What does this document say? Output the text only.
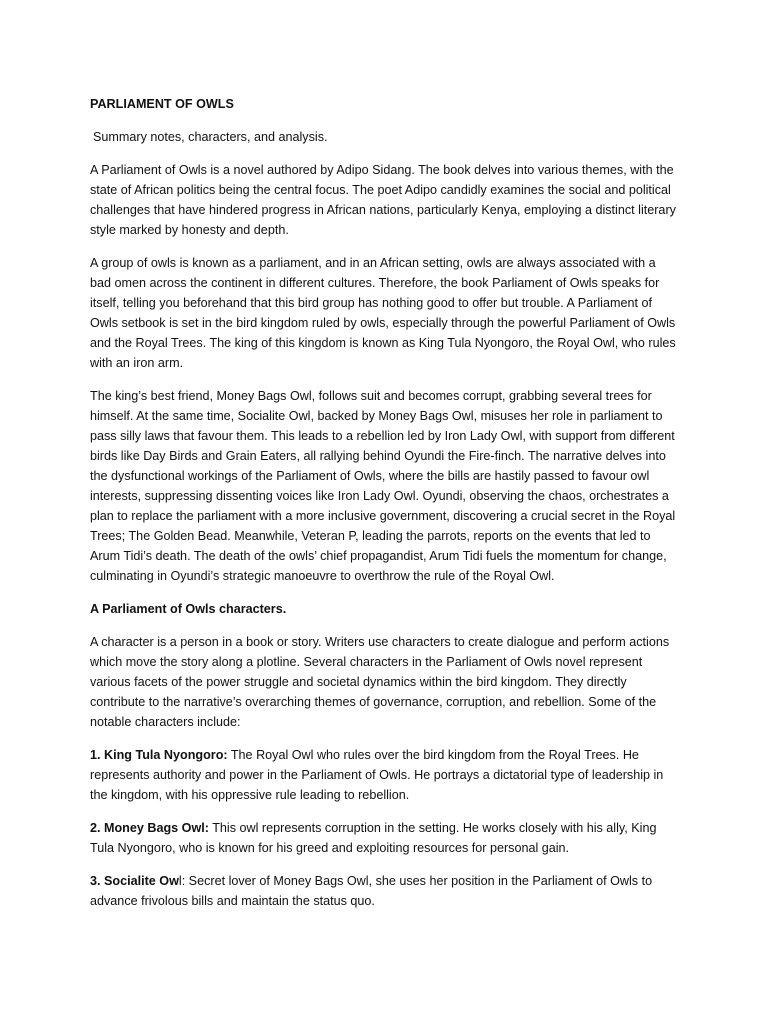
PARLIAMENT OF OWLS
Summary notes, characters, and analysis.

A Parliament of Owls is a novel authored by Adipo Sidang. The book delves into various themes, with the state of African politics being the central focus. The poet Adipo candidly examines the social and political challenges that have hindered progress in African nations, particularly Kenya, employing a distinct literary style marked by honesty and depth.

A group of owls is known as a parliament, and in an African setting, owls are always associated with a bad omen across the continent in different cultures. Therefore, the book Parliament of Owls speaks for itself, telling you beforehand that this bird group has nothing good to offer but trouble. A Parliament of Owls setbook is set in the bird kingdom ruled by owls, especially through the powerful Parliament of Owls and the Royal Trees. The king of this kingdom is known as King Tula Nyongoro, the Royal Owl, who rules with an iron arm.

The king’s best friend, Money Bags Owl, follows suit and becomes corrupt, grabbing several trees for himself. At the same time, Socialite Owl, backed by Money Bags Owl, misuses her role in parliament to pass silly laws that favour them. This leads to a rebellion led by Iron Lady Owl, with support from different birds like Day Birds and Grain Eaters, all rallying behind Oyundi the Fire-finch. The narrative delves into the dysfunctional workings of the Parliament of Owls, where the bills are hastily passed to favour owl interests, suppressing dissenting voices like Iron Lady Owl. Oyundi, observing the chaos, orchestrates a plan to replace the parliament with a more inclusive government, discovering a crucial secret in the Royal Trees; The Golden Bead. Meanwhile, Veteran P, leading the parrots, reports on the events that led to Arum Tidi’s death. The death of the owls’ chief propagandist, Arum Tidi fuels the momentum for change, culminating in Oyundi’s strategic manoeuvre to overthrow the rule of the Royal Owl.

A Parliament of Owls characters.

A character is a person in a book or story. Writers use characters to create dialogue and perform actions which move the story along a plotline. Several characters in the Parliament of Owls novel represent various facets of the power struggle and societal dynamics within the bird kingdom. They directly contribute to the narrative’s overarching themes of governance, corruption, and rebellion. Some of the notable characters include:

1. King Tula Nyongoro: The Royal Owl who rules over the bird kingdom from the Royal Trees. He represents authority and power in the Parliament of Owls. He portrays a dictatorial type of leadership in the kingdom, with his oppressive rule leading to rebellion.

2. Money Bags Owl: This owl represents corruption in the setting. He works closely with his ally, King Tula Nyongoro, who is known for his greed and exploiting resources for personal gain.

3. Socialite Owl: Secret lover of Money Bags Owl, she uses her position in the Parliament of Owls to advance frivolous bills and maintain the status quo.
